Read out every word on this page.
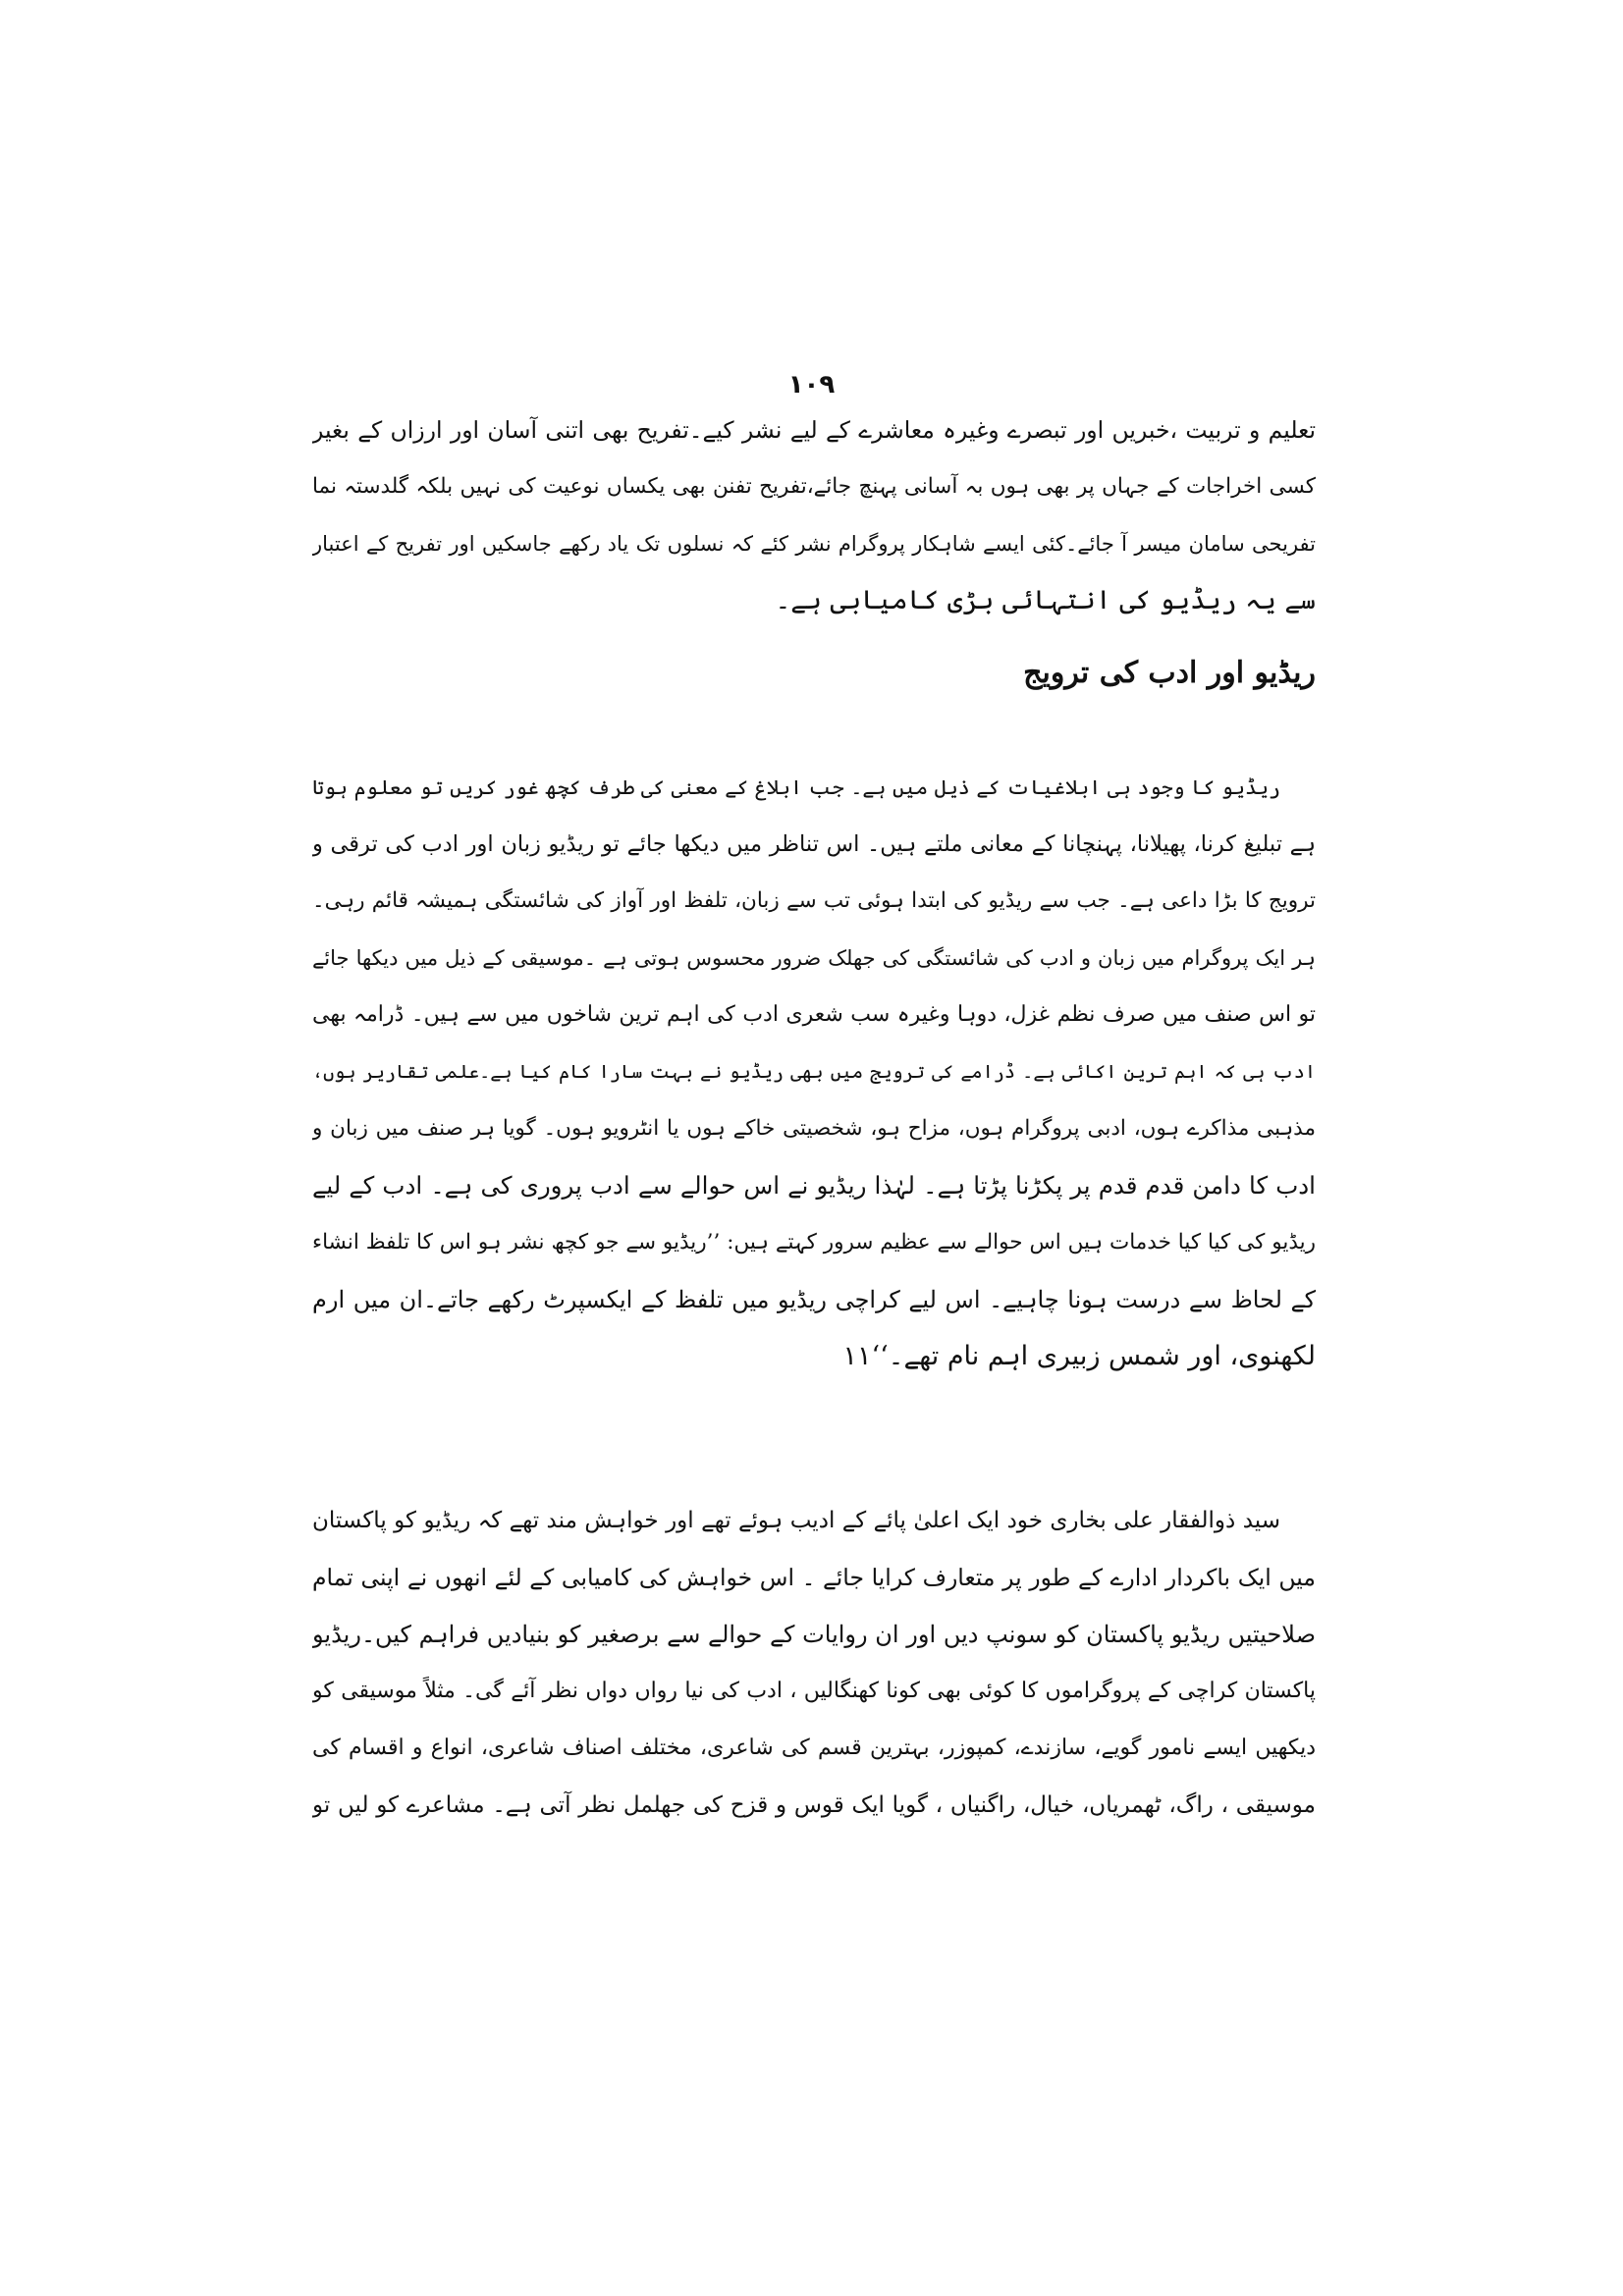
۱۰۹
تعلیم و تربیت ،خبریں اور تبصرے وغیرہ معاشرے کے لیے نشر کیے۔تفریح بھی اتنی آسان اور ارزاں کے بغیر
کسی اخراجات کے جہاں پر بھی ہوں بہ آسانی پہنچ جائے،تفریح تفنن بھی یکساں نوعیت کی نہیں بلکہ گلدستہ نما
تفریحی سامان میسر آ جائے۔کئی ایسے شاہکار پروگرام نشر کئے کہ نسلوں تک یاد رکھے جاسکیں اور تفریح کے اعتبار
سے یہ ریڈیو کی انتہائی بڑی کامیابی ہے۔
ریڈیو اور ادب کی ترویج
ریڈیو کا وجود ہی ابلاغیات کے ذیل میں ہے۔ جب ابلاغ کے معنی کی طرف کچھ غور کریں تو معلوم ہوتا
ہے تبلیغ کرنا، پھیلانا، پہنچانا کے معانی ملتے ہیں۔ اس تناظر میں دیکھا جائے تو ریڈیو زبان اور ادب کی ترقی و
ترویج کا بڑا داعی ہے۔ جب سے ریڈیو کی ابتدا ہوئی تب سے زبان، تلفظ اور آواز کی شائستگی ہمیشہ قائم رہی۔
ہر ایک پروگرام میں زبان و ادب کی شائستگی کی جھلک ضرور محسوس ہوتی ہے ۔موسیقی کے ذیل میں دیکھا جائے
تو اس صنف میں صرف نظم غزل، دوہا وغیرہ سب شعری ادب کی اہم ترین شاخوں میں سے ہیں۔ ڈرامہ بھی
ادب ہی کہ اہم ترین اکائی ہے۔ ڈرامے کی ترویج میں بھی ریڈیو نے بہت سارا کام کیا ہے۔علمی تقاریر ہوں،
مذہبی مذاکرے ہوں، ادبی پروگرام ہوں، مزاح ہو، شخصیتی خاکے ہوں یا انٹرویو ہوں۔ گویا ہر صنف میں زبان و
ادب کا دامن قدم قدم پر پکڑنا پڑتا ہے۔ لہٰذا ریڈیو نے اس حوالے سے ادب پروری کی ہے۔ ادب کے لیے
ریڈیو کی کیا کیا خدمات ہیں اس حوالے سے عظیم سرور کہتے ہیں: ’’ریڈیو سے جو کچھ نشر ہو اس کا تلفظ انشاء
کے لحاظ سے درست ہونا چاہیے۔ اس لیے کراچی ریڈیو میں تلفظ کے ایکسپرٹ رکھے جاتے۔ان میں ارم
لکھنوی، اور شمس زبیری اہم نام تھے۔‘‘۱۱
سید ذوالفقار علی بخاری خود ایک اعلیٰ پائے کے ادیب ہوئے تھے اور خواہش مند تھے کہ ریڈیو کو پاکستان
میں ایک باکردار ادارے کے طور پر متعارف کرایا جائے ۔ اس خواہش کی کامیابی کے لئے انھوں نے اپنی تمام
صلاحیتیں ریڈیو پاکستان کو سونپ دیں اور ان روایات کے حوالے سے برصغیر کو بنیادیں فراہم کیں۔ریڈیو
پاکستان کراچی کے پروگراموں کا کوئی بھی کونا کھنگالیں ، ادب کی نیا رواں دواں نظر آئے گی۔ مثلاً موسیقی کو
دیکھیں ایسے نامور گویے، سازندے، کمپوزر، بہترین قسم کی شاعری، مختلف اصناف شاعری، انواع و اقسام کی
موسیقی ، راگ، ٹھمریاں، خیال، راگنیاں ، گویا ایک قوس و قزح کی جھلمل نظر آتی ہے۔ مشاعرے کو لیں تو
